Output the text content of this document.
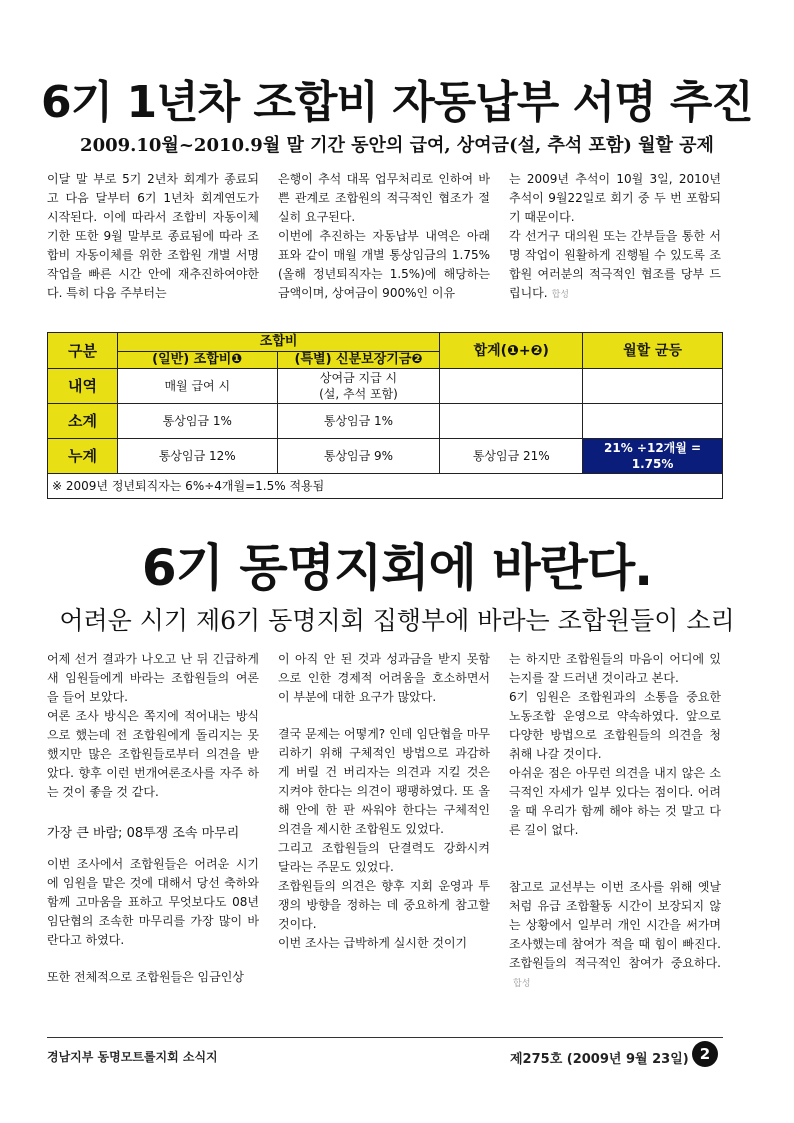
6기 1년차 조합비 자동납부 서명 추진
2009.10월~2010.9월 말 기간 동안의 급여, 상여금(설, 추석 포함) 월할 공제

이달 말 부로 5기 2년차 회계가 종료되고 다음 달부터 6기 1년차 회계연도가 시작된다. 이에 따라서 조합비 자동이체 기한 또한 9월 말부로 종료됨에 따라 조합비 자동이체를 위한 조합원 개별 서명 작업을 빠른 시간 안에 재추진하여야한다. 특히 다음 주부터는

은행이 추석 대목 업무처리로 인하여 바쁜 관계로 조합원의 적극적인 협조가 절실히 요구된다.

이번에 추진하는 자동납부 내역은 아래 표와 같이 매월 개별 통상임금의 1.75%(올해 정년퇴직자는 1.5%)에 해당하는 금액이며, 상여금이 900%인 이유

는 2009년 추석이 10월 3일, 2010년 추석이 9월22일로 회기 중 두 번 포함되기 때문이다.

각 선거구 대의원 또는 간부들을 통한 서명 작업이 원활하게 진행될 수 있도록 조합원 여러분의 적극적인 협조를 당부 드립니다. 합성

구분	조합비		합계(❶+❷)	월할 균등
	(일반) 조합비❶	(특별) 신분보장기금❷		
내역	매월 급여 시	상여금 지급 시
(설, 추석 포함)		
소계	통상임금 1%	통상임금 1%		
누계	통상임금 12%	통상임금 9%	통상임금 21%	21% ÷12개월 = 1.75%
※ 2009년 정년퇴직자는 6%÷4개월=1.5% 적용됨				
6기 동명지회에 바란다.
어려운 시기 제6기 동명지회 집행부에 바라는 조합원들이 소리

어제 선거 결과가 나오고 난 뒤 긴급하게 새 임원들에게 바라는 조합원들의 여론을 들어 보았다.

여론 조사 방식은 쪽지에 적어내는 방식으로 했는데 전 조합원에게 돌리지는 못했지만 많은 조합원들로부터 의견을 받았다. 향후 이런 번개여론조사를 자주 하는 것이 좋을 것 같다.

가장 큰 바람; 08투쟁 조속 마무리

이번 조사에서 조합원들은 어려운 시기에 임원을 맡은 것에 대해서 당선 축하와 함께 고마움을 표하고 무엇보다도 08년 임단협의 조속한 마무리를 가장 많이 바란다고 하였다.

또한 전체적으로 조합원들은 임금인상

이 아직 안 된 것과 성과금을 받지 못함으로 인한 경제적 어려움을 호소하면서 이 부분에 대한 요구가 많았다.

결국 문제는 어떻게? 인데 임단협을 마무리하기 위해 구체적인 방법으로 과감하게 버릴 건 버리자는 의견과 지킬 것은 지켜야 한다는 의견이 팽팽하였다. 또 올해 안에 한 판 싸워야 한다는 구체적인 의견을 제시한 조합원도 있었다.

그리고 조합원들의 단결력도 강화시켜 달라는 주문도 있었다.

조합원들의 의견은 향후 지회 운영과 투쟁의 방향을 정하는 데 중요하게 참고할 것이다.

이번 조사는 급박하게 실시한 것이기

는 하지만 조합원들의 마음이 어디에 있는지를 잘 드러낸 것이라고 본다.

6기 임원은 조합원과의 소통을 중요한 노동조합 운영으로 약속하였다. 앞으로 다양한 방법으로 조합원들의 의견을 청취해 나갈 것이다.

아쉬운 점은 아무런 의견을 내지 않은 소극적인 자세가 일부 있다는 점이다. 어려울 때 우리가 함께 해야 하는 것 말고 다른 길이 없다.

참고로 교선부는 이번 조사를 위해 옛날처럼 유급 조합활동 시간이 보장되지 않는 상황에서 일부러 개인 시간을 써가며 조사했는데 참여가 적을 때 힘이 빠진다. 조합원들의 적극적인 참여가 중요하다.합성

경남지부 동명모트롤지회 소식지	제275호 (2009년 9월 23일) 2
